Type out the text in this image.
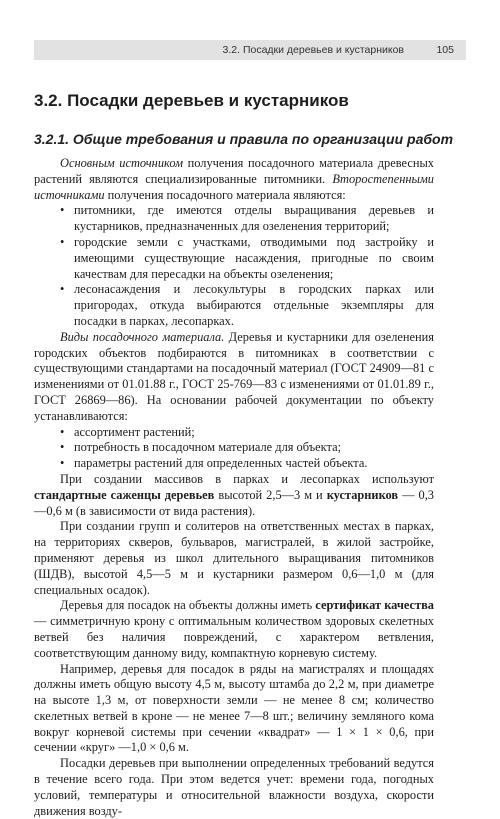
3.2. Посадки деревьев и кустарников	105
3.2. Посадки деревьев и кустарников
3.2.1. Общие требования и правила по организации работ

Основным источником получения посадочного материала древесных растений являются специализированные питомники. Второстепенными источниками получения посадочного материала являются:

• питомники, где имеются отделы выращивания деревьев и кустарников, предназначенных для озеленения территорий;
• городские земли с участками, отводимыми под застройку и имеющими существующие насаждения, пригодные по своим качествам для пересадки на объекты озеленения;
• лесонасаждения и лесокультуры в городских парках или пригородах, откуда выбираются отдельные экземпляры для посадки в парках, лесопарках.

Виды посадочного материала. Деревья и кустарники для озеленения городских объектов подбираются в питомниках в соответствии с существующими стандартами на посадочный материал (ГОСТ 24909—81 с изменениями от 01.01.88 г., ГОСТ 25-769—83 с изменениями от 01.01.89 г., ГОСТ 26869—86). На основании рабочей документации по объекту устанавливаются:

• ассортимент растений;
• потребность в посадочном материале для объекта;
• параметры растений для определенных частей объекта.

При создании массивов в парках и лесопарках используют стандартные саженцы деревьев высотой 2,5—3 м и кустарников — 0,3—0,6 м (в зависимости от вида растения).

При создании групп и солитеров на ответственных местах в парках, на территориях скверов, бульваров, магистралей, в жилой застройке, применяют деревья из школ длительного выращивания питомников (ШДВ), высотой 4,5—5 м и кустарники размером 0,6—1,0 м (для специальных осадок).

Деревья для посадок на объекты должны иметь сертификат качества — симметричную крону с оптимальным количеством здоровых скелетных ветвей без наличия повреждений, с характером ветвления, соответствующим данному виду, компактную корневую систему.

Например, деревья для посадок в ряды на магистралях и площадях должны иметь общую высоту 4,5 м, высоту штамба до 2,2 м, при диаметре на высоте 1,3 м, от поверхности земли — не менее 8 см; количество скелетных ветвей в кроне — не менее 7—8 шт.; величину земляного кома вокруг корневой системы при сечении «квадрат» — 1 × 1 × 0,6, при сечении «круг» —1,0 × 0,6 м.

Посадки деревьев при выполнении определенных требований ведутся в течение всего года. При этом ведется учет: времени года, погодных условий, температуры и относительной влажности воздуха, скорости движения возду-
